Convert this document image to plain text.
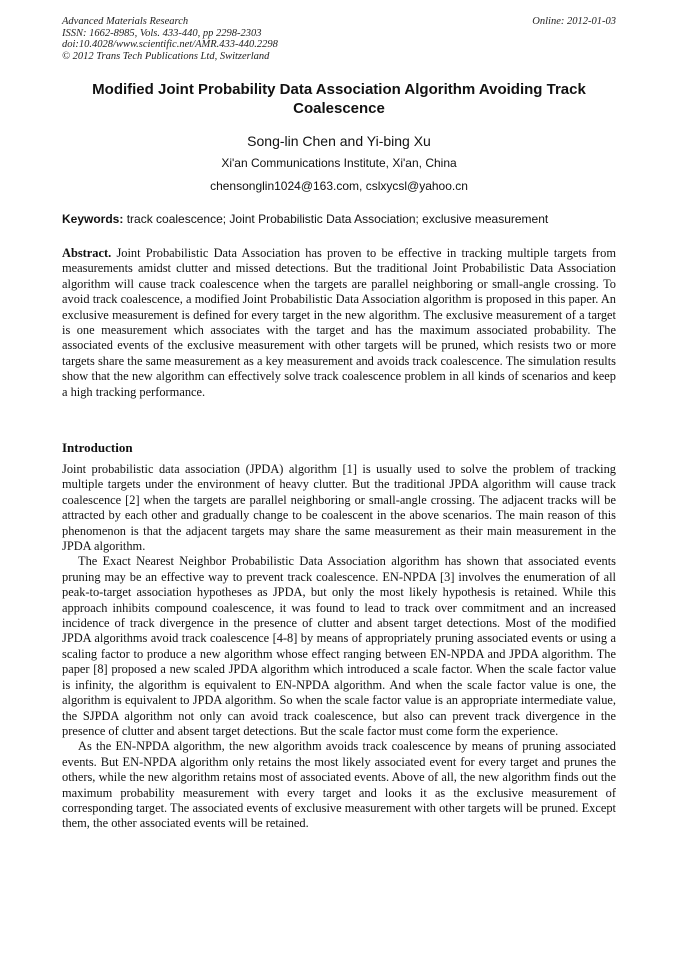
Advanced Materials Research
ISSN: 1662-8985, Vols. 433-440, pp 2298-2303
doi:10.4028/www.scientific.net/AMR.433-440.2298
© 2012 Trans Tech Publications Ltd, Switzerland
Online: 2012-01-03
Modified Joint Probability Data Association Algorithm Avoiding Track Coalescence
Song-lin Chen and Yi-bing Xu
Xi'an Communications Institute, Xi'an, China
chensonglin1024@163.com, cslxycsl@yahoo.cn
Keywords: track coalescence; Joint Probabilistic Data Association; exclusive measurement
Abstract. Joint Probabilistic Data Association has proven to be effective in tracking multiple targets from measurements amidst clutter and missed detections. But the traditional Joint Probabilistic Data Association algorithm will cause track coalescence when the targets are parallel neighboring or small-angle crossing. To avoid track coalescence, a modified Joint Probabilistic Data Association algorithm is proposed in this paper. An exclusive measurement is defined for every target in the new algorithm. The exclusive measurement of a target is one measurement which associates with the target and has the maximum associated probability. The associated events of the exclusive measurement with other targets will be pruned, which resists two or more targets share the same measurement as a key measurement and avoids track coalescence. The simulation results show that the new algorithm can effectively solve track coalescence problem in all kinds of scenarios and keep a high tracking performance.
Introduction

Joint probabilistic data association (JPDA) algorithm [1] is usually used to solve the problem of tracking multiple targets under the environment of heavy clutter. But the traditional JPDA algorithm will cause track coalescence [2] when the targets are parallel neighboring or small-angle crossing. The adjacent tracks will be attracted by each other and gradually change to be coalescent in the above scenarios. The main reason of this phenomenon is that the adjacent targets may share the same measurement as their main measurement in the JPDA algorithm.

The Exact Nearest Neighbor Probabilistic Data Association algorithm has shown that associated events pruning may be an effective way to prevent track coalescence. EN-NPDA [3] involves the enumeration of all peak-to-target association hypotheses as JPDA, but only the most likely hypothesis is retained. While this approach inhibits compound coalescence, it was found to lead to track over commitment and an increased incidence of track divergence in the presence of clutter and absent target detections. Most of the modified JPDA algorithms avoid track coalescence [4-8] by means of appropriately pruning associated events or using a scaling factor to produce a new algorithm whose effect ranging between EN-NPDA and JPDA algorithm. The paper [8] proposed a new scaled JPDA algorithm which introduced a scale factor. When the scale factor value is infinity, the algorithm is equivalent to EN-NPDA algorithm. And when the scale factor value is one, the algorithm is equivalent to JPDA algorithm. So when the scale factor value is an appropriate intermediate value, the SJPDA algorithm not only can avoid track coalescence, but also can prevent track divergence in the presence of clutter and absent target detections. But the scale factor must come form the experience.

As the EN-NPDA algorithm, the new algorithm avoids track coalescence by means of pruning associated events. But EN-NPDA algorithm only retains the most likely associated event for every target and prunes the others, while the new algorithm retains most of associated events. Above of all, the new algorithm finds out the maximum probability measurement with every target and looks it as the exclusive measurement of corresponding target. The associated events of exclusive measurement with other targets will be pruned. Except them, the other associated events will be retained.
